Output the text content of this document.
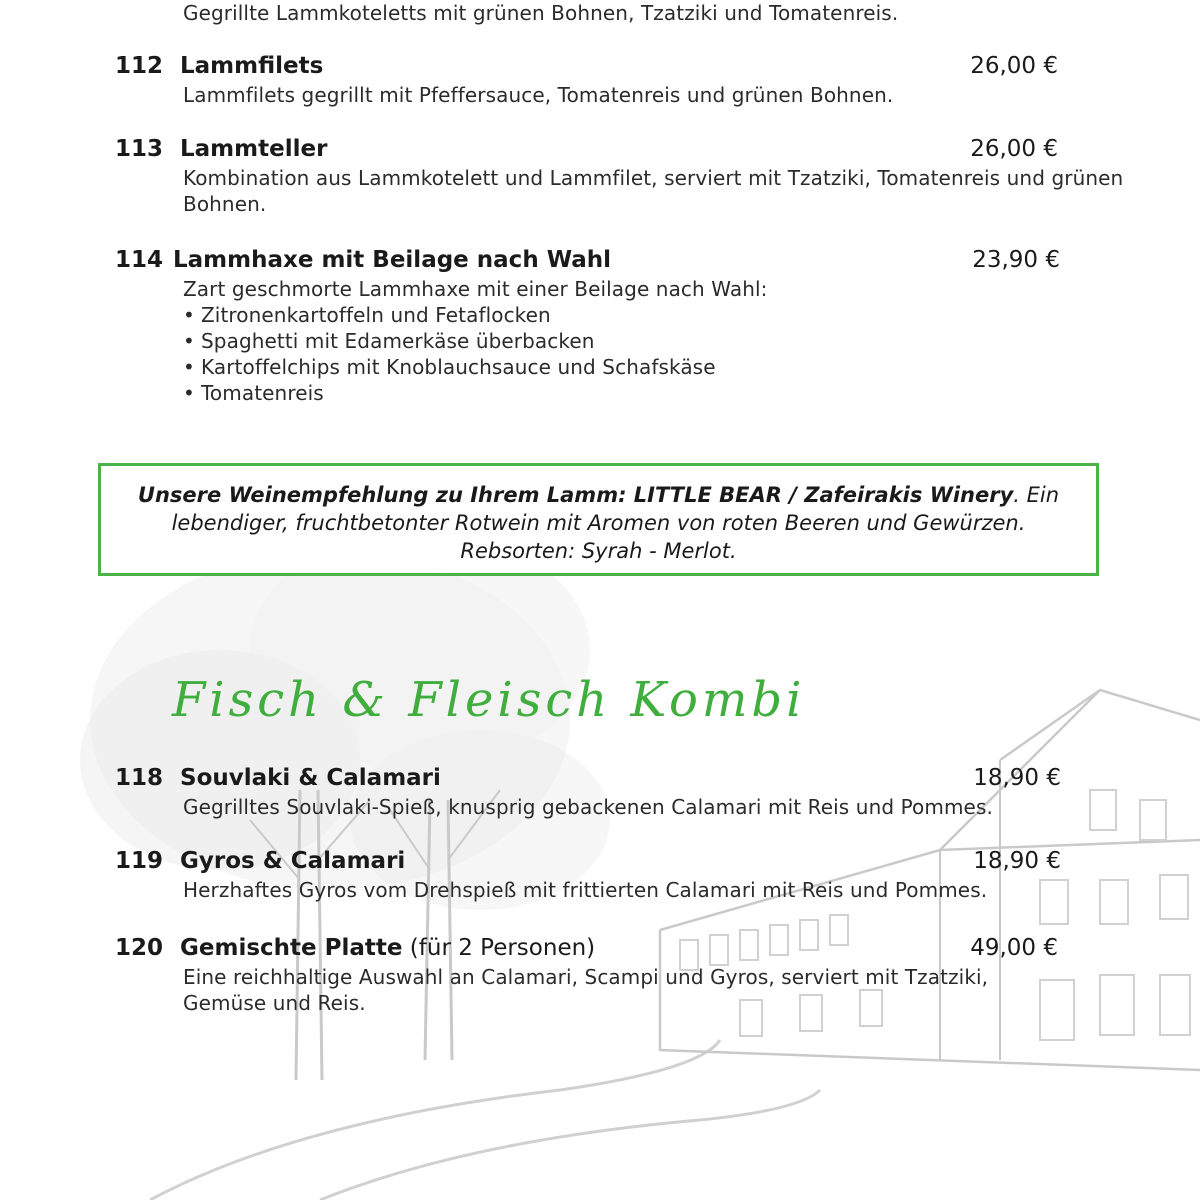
Gegrillte Lammkoteletts mit grünen Bohnen, Tzatziki und Tomatenreis.
112 Lammfilets	26,00 €
Lammfilets gegrillt mit Pfeffersauce, Tomatenreis und grünen Bohnen.
113 Lammteller	26,00 €
Kombination aus Lammkotelett und Lammfilet, serviert mit Tzatziki, Tomatenreis und grünen
Bohnen.
114 Lammhaxe mit Beilage nach Wahl	23,90 €
Zart geschmorte Lammhaxe mit einer Beilage nach Wahl:
• Zitronenkartoffeln und Fetaflocken
• Spaghetti mit Edamerkäse überbacken
• Kartoffelchips mit Knoblauchsauce und Schafskäse
• Tomatenreis
Unsere Weinempfehlung zu Ihrem Lamm: LITTLE BEAR / Zafeirakis Winery. Ein lebendiger, fruchtbetonter Rotwein mit Aromen von roten Beeren und Gewürzen. Rebsorten: Syrah - Merlot.
Fisch & Fleisch Kombi
118 Souvlaki & Calamari	18,90 €
Gegrilltes Souvlaki-Spieß, knusprig gebackenen Calamari mit Reis und Pommes.
119 Gyros & Calamari	18,90 €
Herzhaftes Gyros vom Drehspieß mit frittierten Calamari mit Reis und Pommes.
120 Gemischte Platte (für 2 Personen)	49,00 €
Eine reichhaltige Auswahl an Calamari, Scampi und Gyros, serviert mit Tzatziki,
Gemüse und Reis.
